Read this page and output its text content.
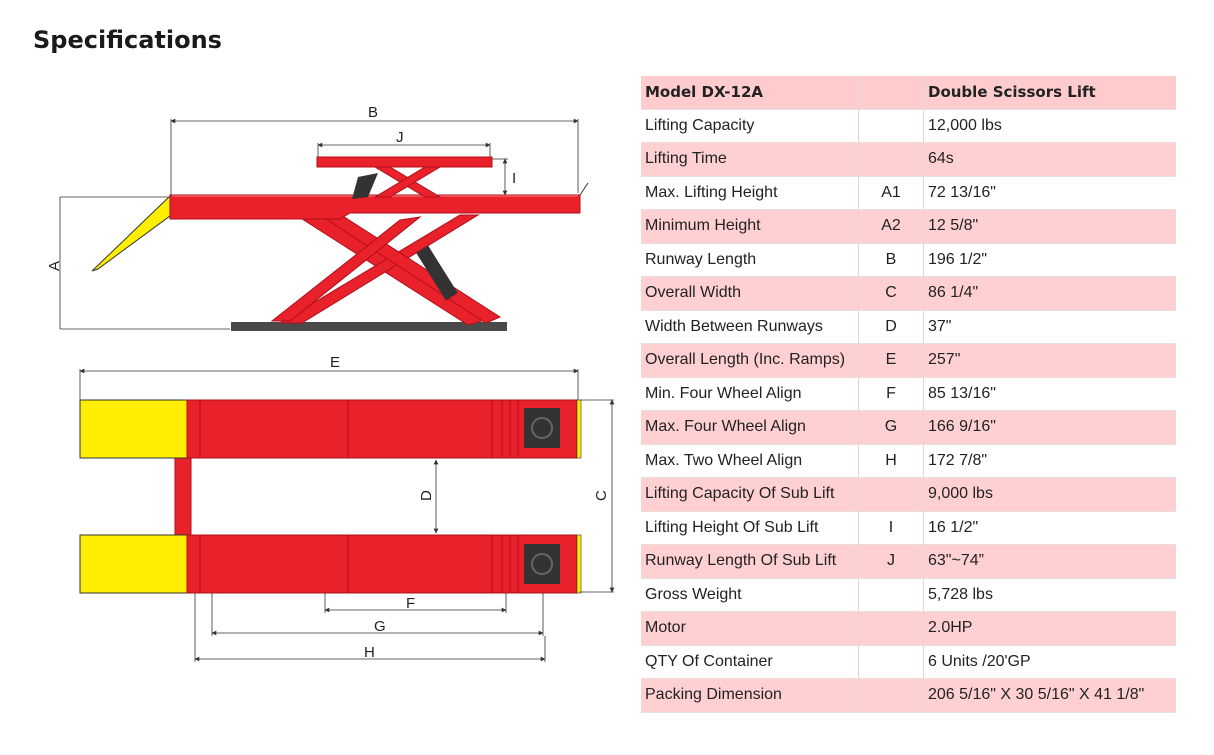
Specifications
A
B
J
I
E
D	C
F
G
H
Model DX-12A		Double Scissors Lift
Lifting Capacity		12,000 lbs
Lifting Time		64s
Max. Lifting Height	A1	72 13/16"
Minimum Height	A2	12 5/8"
Runway Length	B	196 1/2"
Overall Width	C	86 1/4"
Width Between Runways	D	37"
Overall Length (Inc. Ramps)	E	257"
Min. Four Wheel Align	F	85 13/16"
Max. Four Wheel Align	G	166 9/16"
Max. Two Wheel Align	H	172 7/8"
Lifting Capacity Of Sub Lift		9,000 lbs
Lifting Height Of Sub Lift	I	16 1/2"
Runway Length Of Sub Lift	J	63"~74”
Gross Weight		5,728 lbs
Motor		2.0HP
QTY Of Container		6 Units /20'GP
Packing Dimension		206 5/16" X 30 5/16" X 41 1/8"
